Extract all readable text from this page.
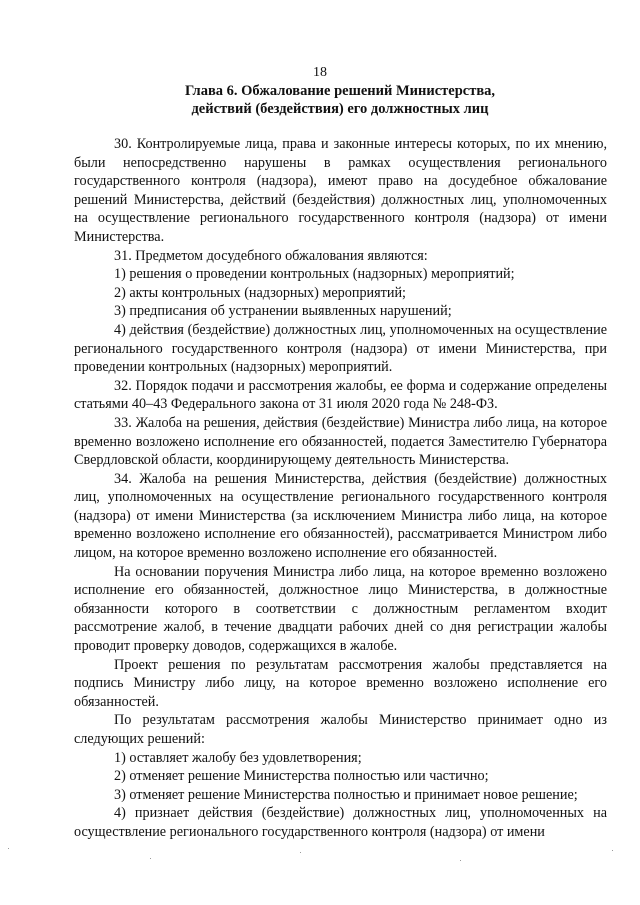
18
Глава 6. Обжалование решений Министерства,
действий (бездействия) его должностных лиц

30. Контролируемые лица, права и законные интересы которых, по их мнению, были непосредственно нарушены в рамках осуществления регионального государственного контроля (надзора), имеют право на досудебное обжалование решений Министерства, действий (бездействия) должностных лиц, уполномоченных на осуществление регионального государственного контроля (надзора) от имени Министерства.

31. Предметом досудебного обжалования являются:

1) решения о проведении контрольных (надзорных) мероприятий;

2) акты контрольных (надзорных) мероприятий;

3) предписания об устранении выявленных нарушений;

4) действия (бездействие) должностных лиц, уполномоченных на осуществление регионального государственного контроля (надзора) от имени Министерства, при проведении контрольных (надзорных) мероприятий.

32. Порядок подачи и рассмотрения жалобы, ее форма и содержание определены статьями 40–43 Федерального закона от 31 июля 2020 года № 248-ФЗ.

33. Жалоба на решения, действия (бездействие) Министра либо лица, на которое временно возложено исполнение его обязанностей, подается Заместителю Губернатора Свердловской области, координирующему деятельность Министерства.

34. Жалоба на решения Министерства, действия (бездействие) должностных лиц, уполномоченных на осуществление регионального государственного контроля (надзора) от имени Министерства (за исключением Министра либо лица, на которое временно возложено исполнение его обязанностей), рассматривается Министром либо лицом, на которое временно возложено исполнение его обязанностей.

На основании поручения Министра либо лица, на которое временно возложено исполнение его обязанностей, должностное лицо Министерства, в должностные обязанности которого в соответствии с должностным регламентом входит рассмотрение жалоб, в течение двадцати рабочих дней со дня регистрации жалобы проводит проверку доводов, содержащихся в жалобе.

Проект решения по результатам рассмотрения жалобы представляется на подпись Министру либо лицу, на которое временно возложено исполнение его обязанностей.

По результатам рассмотрения жалобы Министерство принимает одно из следующих решений:

1) оставляет жалобу без удовлетворения;

2) отменяет решение Министерства полностью или частично;

3) отменяет решение Министерства полностью и принимает новое решение;

4) признает действия (бездействие) должностных лиц, уполномоченных на осуществление регионального государственного контроля (надзора) от имени
